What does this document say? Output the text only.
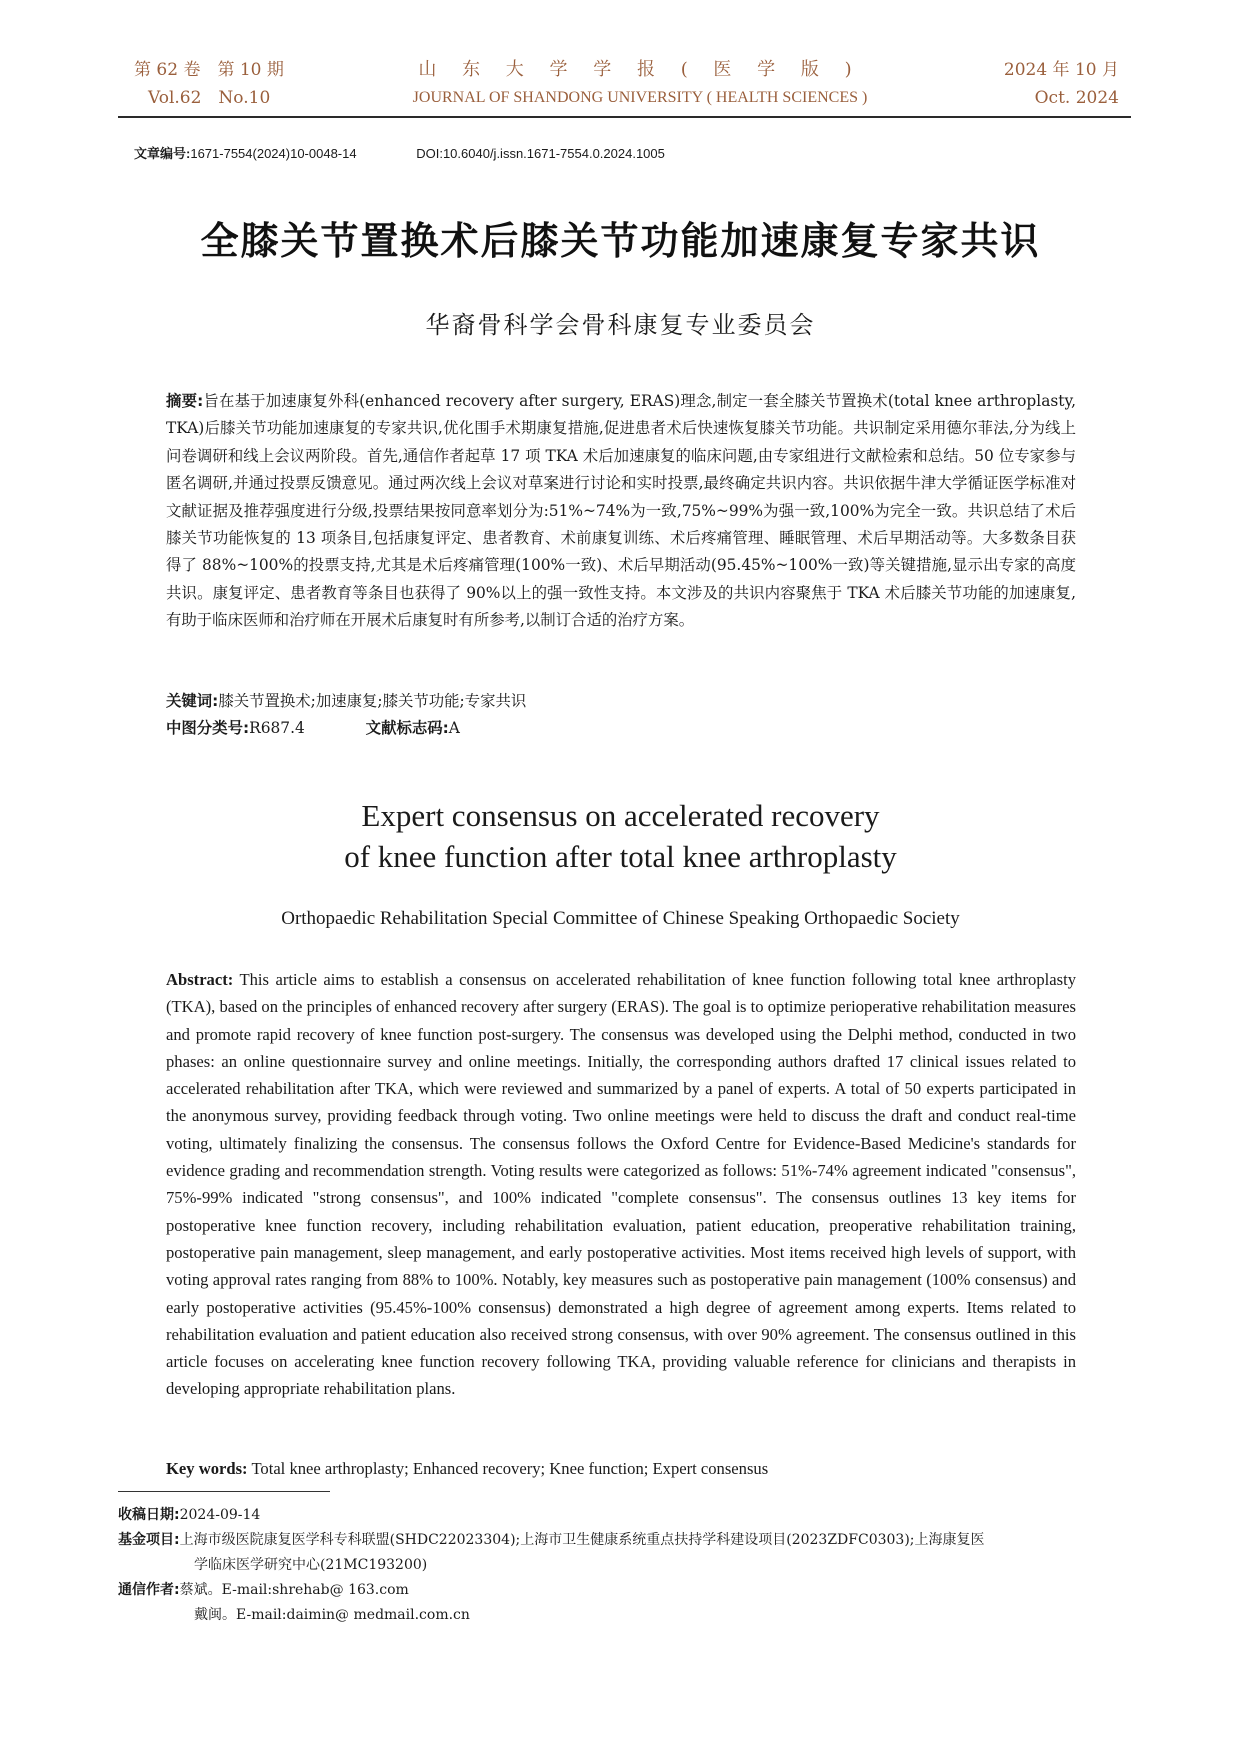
第 62 卷　第 10 期
Vol.62　No.10
山 东 大 学 学 报 ( 医 学 版 )
JOURNAL OF SHANDONG UNIVERSITY ( HEALTH SCIENCES )
2024 年 10 月
Oct. 2024
文章编号:1671-7554(2024)10-0048-14	DOI:10.6040/j.issn.1671-7554.0.2024.1005
全膝关节置换术后膝关节功能加速康复专家共识
华裔骨科学会骨科康复专业委员会
摘要:旨在基于加速康复外科(enhanced recovery after surgery, ERAS)理念,制定一套全膝关节置换术(total knee arthroplasty, TKA)后膝关节功能加速康复的专家共识,优化围手术期康复措施,促进患者术后快速恢复膝关节功能。共识制定采用德尔菲法,分为线上问卷调研和线上会议两阶段。首先,通信作者起草 17 项 TKA 术后加速康复的临床问题,由专家组进行文献检索和总结。50 位专家参与匿名调研,并通过投票反馈意见。通过两次线上会议对草案进行讨论和实时投票,最终确定共识内容。共识依据牛津大学循证医学标准对文献证据及推荐强度进行分级,投票结果按同意率划分为:51%~74%为一致,75%~99%为强一致,100%为完全一致。共识总结了术后膝关节功能恢复的 13 项条目,包括康复评定、患者教育、术前康复训练、术后疼痛管理、睡眠管理、术后早期活动等。大多数条目获得了 88%~100%的投票支持,尤其是术后疼痛管理(100%一致)、术后早期活动(95.45%~100%一致)等关键措施,显示出专家的高度共识。康复评定、患者教育等条目也获得了 90%以上的强一致性支持。本文涉及的共识内容聚焦于 TKA 术后膝关节功能的加速康复,有助于临床医师和治疗师在开展术后康复时有所参考,以制订合适的治疗方案。
关键词:膝关节置换术;加速康复;膝关节功能;专家共识
中图分类号:R687.4	文献标志码:A
Expert consensus on accelerated recovery
of knee function after total knee arthroplasty
Orthopaedic Rehabilitation Special Committee of Chinese Speaking Orthopaedic Society
Abstract: This article aims to establish a consensus on accelerated rehabilitation of knee function following total knee arthroplasty (TKA), based on the principles of enhanced recovery after surgery (ERAS). The goal is to optimize perioperative rehabilitation measures and promote rapid recovery of knee function post-surgery. The consensus was developed using the Delphi method, conducted in two phases: an online questionnaire survey and online meetings. Initially, the corresponding authors drafted 17 clinical issues related to accelerated rehabilitation after TKA, which were reviewed and summarized by a panel of experts. A total of 50 experts participated in the anonymous survey, providing feedback through voting. Two online meetings were held to discuss the draft and conduct real-time voting, ultimately finalizing the consensus. The consensus follows the Oxford Centre for Evidence-Based Medicine's standards for evidence grading and recommendation strength. Voting results were categorized as follows: 51%-74% agreement indicated "consensus", 75%-99% indicated "strong consensus", and 100% indicated "complete consensus". The consensus outlines 13 key items for postoperative knee function recovery, including rehabilitation evaluation, patient education, preoperative rehabilitation training, postoperative pain management, sleep management, and early postoperative activities. Most items received high levels of support, with voting approval rates ranging from 88% to 100%. Notably, key measures such as postoperative pain management (100% consensus) and early postoperative activities (95.45%-100% consensus) demonstrated a high degree of agreement among experts. Items related to rehabilitation evaluation and patient education also received strong consensus, with over 90% agreement. The consensus outlined in this article focuses on accelerating knee function recovery following TKA, providing valuable reference for clinicians and therapists in developing appropriate rehabilitation plans.
Key words: Total knee arthroplasty; Enhanced recovery; Knee function; Expert consensus
收稿日期:2024-09-14
基金项目:上海市级医院康复医学科专科联盟(SHDC22023304);上海市卫生健康系统重点扶持学科建设项目(2023ZDFC0303);上海康复医
学临床医学研究中心(21MC193200)
通信作者:蔡斌。E-mail:shrehab@ 163.com
戴闽。E-mail:daimin@ medmail.com.cn
